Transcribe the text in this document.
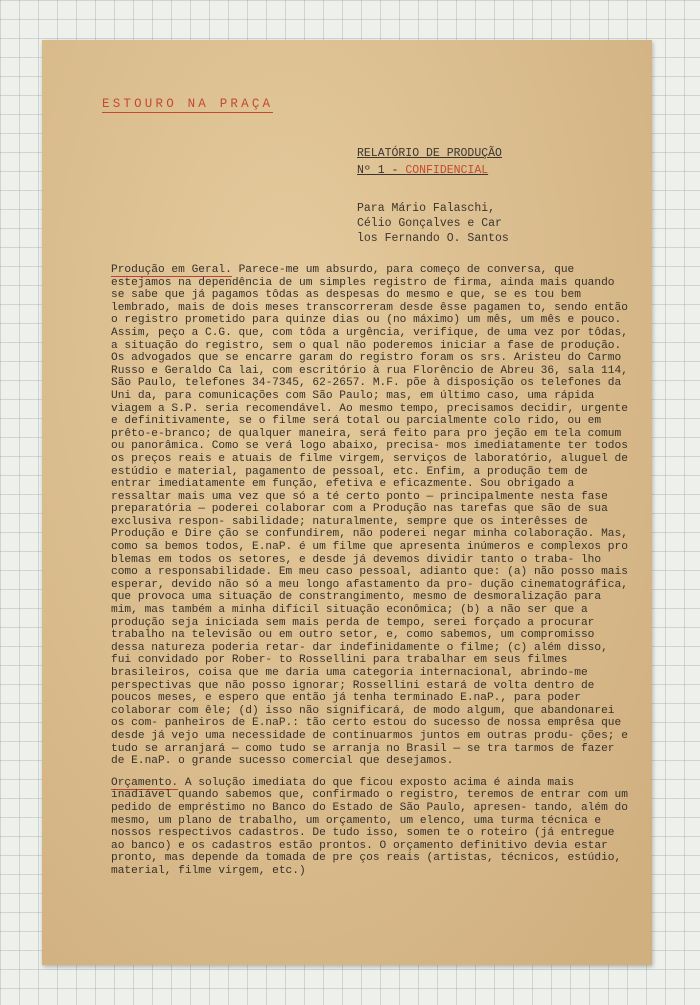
ESTOURO NA PRAÇA
RELATÓRIO DE PRODUÇÃO
Nº 1 - CONFIDENCIAL
Para Mário Falaschi,
Célio Gonçalves e Car
los Fernando O. Santos

Produção em Geral. Parece-me um absurdo, para começo de conversa, que estejamos na dependência de um simples registro de firma, ainda mais quando se sabe que já pagamos tôdas as despesas do mesmo e que, se es tou bem lembrado, mais de dois meses transcorreram desde êsse pagamen to, sendo então o registro prometido para quinze dias ou (no máximo) um mês, um mês e pouco. Assim, peço a C.G. que, com tôda a urgência, verifique, de uma vez por tôdas, a situação do registro, sem o qual não poderemos iniciar a fase de produção. Os advogados que se encarre garam do registro foram os srs. Aristeu do Carmo Russo e Geraldo Ca lai, com escritório à rua Florêncio de Abreu 36, sala 114, São Paulo, telefones 34-7345, 62-2657. M.F. põe à disposição os telefones da Uni da, para comunicações com São Paulo; mas, em último caso, uma rápida viagem a S.P. seria recomendável. Ao mesmo tempo, precisamos decidir, urgente e definitivamente, se o filme será total ou parcialmente colo rido, ou em prêto-e-branco; de qualquer maneira, será feito para pro jeção em tela comum ou panorâmica. Como se verá logo abaixo, precisa- mos imediatamente ter todos os preços reais e atuais de filme virgem, serviços de laboratório, aluguel de estúdio e material, pagamento de pessoal, etc. Enfim, a produção tem de entrar imediatamente em função, efetiva e eficazmente. Sou obrigado a ressaltar mais uma vez que só a té certo ponto — principalmente nesta fase preparatória — poderei colaborar com a Produção nas tarefas que são de sua exclusiva respon- sabilidade; naturalmente, sempre que os interêsses de Produção e Dire ção se confundirem, não poderei negar minha colaboração. Mas, como sa bemos todos, E.naP. é um filme que apresenta inúmeros e complexos pro blemas em todos os setores, e desde já devemos dividir tanto o traba- lho como a responsabilidade. Em meu caso pessoal, adianto que: (a) não posso mais esperar, devido não só a meu longo afastamento da pro- dução cinematográfica, que provoca uma situação de constrangimento, mesmo de desmoralização para mim, mas também a minha difícil situação econômica; (b) a não ser que a produção seja iniciada sem mais perda de tempo, serei forçado a procurar trabalho na televisão ou em outro setor, e, como sabemos, um compromisso dessa natureza poderia retar- dar indefinidamente o filme; (c) além disso, fui convidado por Rober- to Rossellini para trabalhar em seus filmes brasileiros, coisa que me daria uma categoria internacional, abrindo-me perspectivas que não posso ignorar; Rossellini estará de volta dentro de poucos meses, e espero que então já tenha terminado E.naP., para poder colaborar com êle; (d) isso não significará, de modo algum, que abandonarei os com- panheiros de E.naP.: tão certo estou do sucesso de nossa emprêsa que desde já vejo uma necessidade de continuarmos juntos em outras produ- ções; e tudo se arranjará — como tudo se arranja no Brasil — se tra tarmos de fazer de E.naP. o grande sucesso comercial que desejamos.

Orçamento. A solução imediata do que ficou exposto acima é ainda mais inadiável quando sabemos que, confirmado o registro, teremos de entrar com um pedido de empréstimo no Banco do Estado de São Paulo, apresen- tando, além do mesmo, um plano de trabalho, um orçamento, um elenco, uma turma técnica e nossos respectivos cadastros. De tudo isso, somen te o roteiro (já entregue ao banco) e os cadastros estão prontos. O orçamento definitivo devia estar pronto, mas depende da tomada de pre ços reais (artistas, técnicos, estúdio, material, filme virgem, etc.)
